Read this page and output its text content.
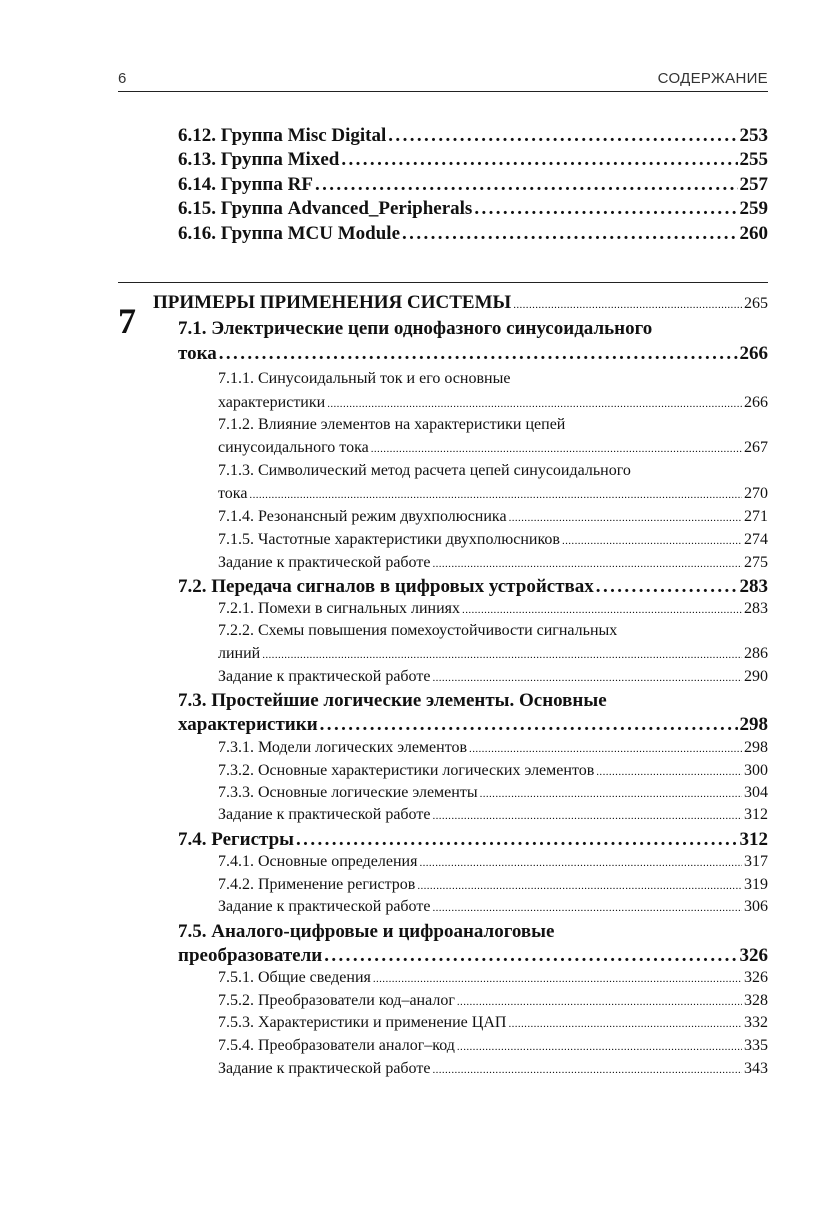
6	СОДЕРЖАНИЕ
6.12. Группа Misc Digital .....	253
6.13. Группа Mixed .....	255
6.14. Группа RF .....	257
6.15. Группа Advanced_Peripherals .....	259
6.16. Группа MCU Module .....	260
7 ПРИМЕРЫ ПРИМЕНЕНИЯ СИСТЕМЫ .....	265
7.1. Электрические цепи однофазного синусоидального
тока .....	266
7.1.1. Синусоидальный ток и его основные
характеристики .....	266
7.1.2. Влияние элементов на характеристики цепей
синусоидального тока .....	267
7.1.3. Символический метод расчета цепей синусоидального
тока .....	270
7.1.4. Резонансный режим двухполюсника .....	271
7.1.5. Частотные характеристики двухполюсников .....	274
Задание к практической работе .....	275
7.2. Передача сигналов в цифровых устройствах .....	283
7.2.1. Помехи в сигнальных линиях .....	283
7.2.2. Схемы повышения помехоустойчивости сигнальных
линий .....	286
Задание к практической работе .....	290
7.3. Простейшие логические элементы. Основные
характеристики .....	298
7.3.1. Модели логических элементов .....	298
7.3.2. Основные характеристики логических элементов .....	300
7.3.3. Основные логические элементы .....	304
Задание к практической работе .....	312
7.4. Регистры .....	312
7.4.1. Основные определения .....	317
7.4.2. Применение регистров .....	319
Задание к практической работе .....	306
7.5. Аналого-цифровые и цифроаналоговые
преобразователи .....	326
7.5.1. Общие сведения .....	326
7.5.2. Преобразователи код–аналог .....	328
7.5.3. Характеристики и применение ЦАП .....	332
7.5.4. Преобразователи аналог–код .....	335
Задание к практической работе .....	343
